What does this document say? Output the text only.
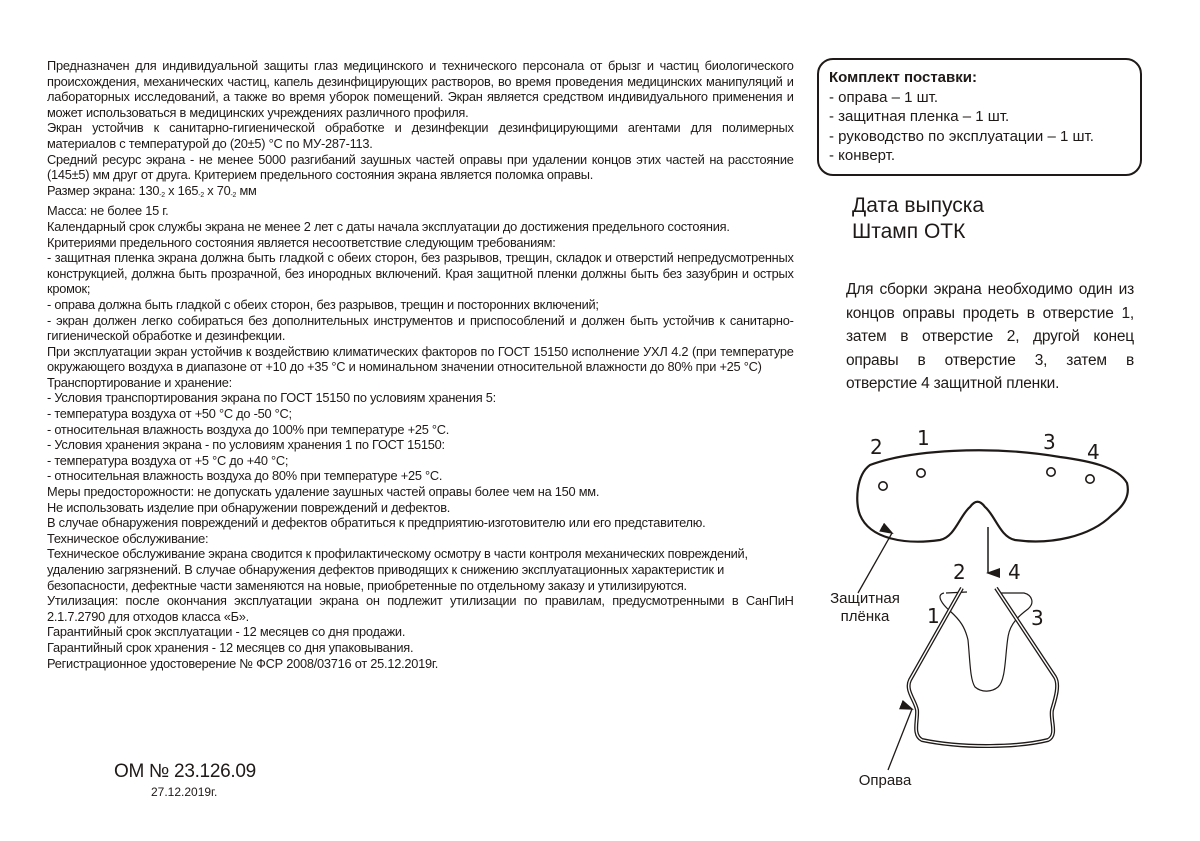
Предназначен для индивидуальной защиты глаз медицинского и технического персонала от брызг и частиц биологического происхождения, механических частиц, капель дезинфицирующих растворов, во время проведения медицинских манипуляций и лабораторных исследований, а также во время уборок помещений. Экран является средством индивидуального применения и может использоваться в медицинских учреждениях различного профиля.

Экран устойчив к санитарно-гигиенической обработке и дезинфекции дезинфицирующими агентами для полимерных материалов с температурой до (20±5) °С по МУ-287-113.

Средний ресурс экрана - не менее 5000 разгибаний заушных частей оправы при удалении концов этих частей на расстояние (145±5) мм друг от друга. Критерием предельного состояния экрана является поломка оправы.

Размер экрана: $130_{-2}$ x $165_{-2}$ x $70_{-2}$ мм

Масса: не более 15 г.

Календарный срок службы экрана не менее 2 лет с даты начала эксплуатации до достижения предельного состояния.

Критериями предельного состояния является несоответствие следующим требованиям:

- защитная пленка экрана должна быть гладкой с обеих сторон, без разрывов, трещин, складок и отверстий непредусмотренных конструкцией, должна быть прозрачной, без инородных включений. Края защитной пленки должны быть без зазубрин и острых кромок;

- оправа должна быть гладкой с обеих сторон, без разрывов, трещин и посторонних включений;

- экран должен легко собираться без дополнительных инструментов и приспособлений и должен быть устойчив к санитарно-гигиенической обработке и дезинфекции.

При эксплуатации экран устойчив к воздействию климатических факторов по ГОСТ 15150 исполнение УХЛ 4.2 (при температуре окружающего воздуха в диапазоне от +10 до +35 °С и номинальном значении относительной влажности до 80% при +25 °С)

Транспортирование и хранение:

- Условия транспортирования экрана по ГОСТ 15150 по условиям хранения 5:

- температура воздуха от +50 °С до -50 °С;

- относительная влажность воздуха до 100% при температуре +25 °С.

- Условия хранения экрана - по условиям хранения 1 по ГОСТ 15150:

- температура воздуха от +5 °С до +40 °С;

- относительная влажность воздуха до 80% при температуре +25 °С.

Меры предосторожности: не допускать удаление заушных частей оправы более чем на 150 мм.

Не использовать изделие при обнаружении повреждений и дефектов.

В случае обнаружения повреждений и дефектов обратиться к предприятию-изготовителю или его представителю.

Техническое обслуживание:

Техническое обслуживание экрана сводится к профилактическому осмотру в части контроля механических повреждений, удалению загрязнений. В случае обнаружения дефектов приводящих к снижению эксплуатационных характеристик и безопасности, дефектные части заменяются на новые, приобретенные по отдельному заказу и утилизируются.

Утилизация: после окончания эксплуатации экрана он подлежит утилизации по правилам, предусмотренными в СанПиН 2.1.7.2790 для отходов класса «Б».

Гарантийный срок эксплуатации - 12 месяцев со дня продажи.

Гарантийный срок хранения - 12 месяцев со дня упаковывания.

Регистрационное удостоверение № ФСР 2008/03716 от 25.12.2019г.

ОМ № 23.126.09
27.12.2019г.
Комплект поставки:
- оправа – 1 шт.
- защитная пленка – 1 шт.
- руководство по эксплуатации – 1 шт.
- конверт.
Дата выпуска
Штамп ОТК
Для сборки экрана необходимо один из концов оправы продеть в отверстие 1, затем в отверстие 2, другой конец оправы в отверстие 3, затем в отверстие 4 защитной пленки.
2 1	3 4
2 4
1	3
Защитная
плёнка
Оправа
